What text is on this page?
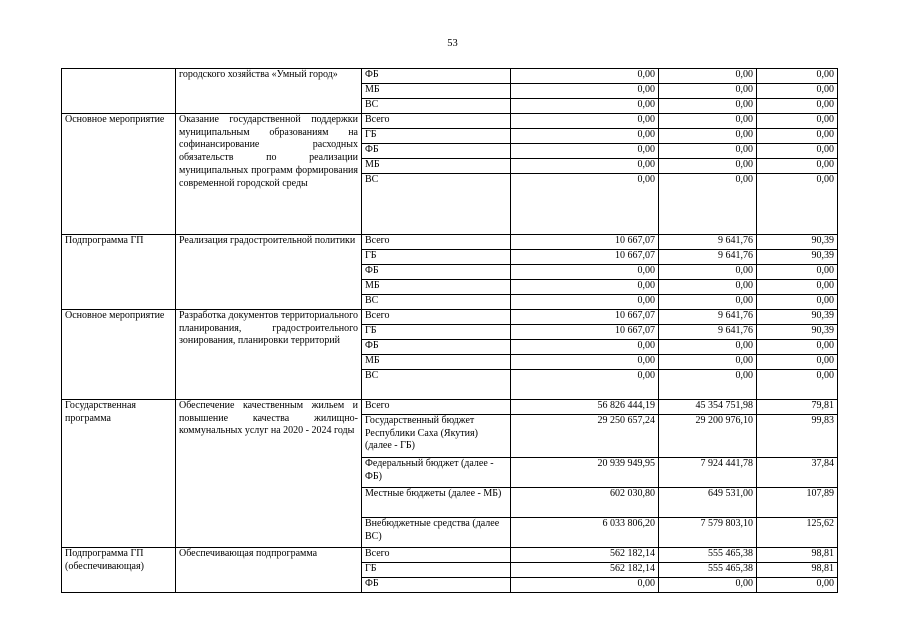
53
	городского хозяйства «Умный город»	ФБ	0,00	0,00	0,00
		МБ	0,00	0,00	0,00
		ВС	0,00	0,00	0,00
Основное мероприятие	Оказание государственной поддержки муниципальным образованиям на софинансирование расходных обязательств по реализации муниципальных программ формирования современной городской среды	Всего	0,00	0,00	0,00
		ГБ	0,00	0,00	0,00
		ФБ	0,00	0,00	0,00
		МБ	0,00	0,00	0,00
		ВС	0,00	0,00	0,00
Подпрограмма ГП	Реализация градостроительной политики	Всего	10 667,07	9 641,76	90,39
		ГБ	10 667,07	9 641,76	90,39
		ФБ	0,00	0,00	0,00
		МБ	0,00	0,00	0,00
		ВС	0,00	0,00	0,00
Основное мероприятие	Разработка документов территориального планирования, градостроительного зонирования, планировки территорий	Всего	10 667,07	9 641,76	90,39
		ГБ	10 667,07	9 641,76	90,39
		ФБ	0,00	0,00	0,00
		МБ	0,00	0,00	0,00
		ВС	0,00	0,00	0,00
Государственная программа	Обеспечение качественным жильем и повышение качества жилищно-коммунальных услуг на 2020 - 2024 годы	Всего	56 826 444,19	45 354 751,98	79,81
		Государственный бюджет Республики Саха (Якутия) (далее - ГБ)	29 250 657,24	29 200 976,10	99,83
		Федеральный бюджет (далее - ФБ)	20 939 949,95	7 924 441,78	37,84
		Местные бюджеты (далее - МБ)	602 030,80	649 531,00	107,89
		Внебюджетные средства (далее ВС)	6 033 806,20	7 579 803,10	125,62
Подпрограмма ГП (обеспечивающая)	Обеспечивающая подпрограмма	Всего	562 182,14	555 465,38	98,81
		ГБ	562 182,14	555 465,38	98,81
		ФБ	0,00	0,00	0,00
